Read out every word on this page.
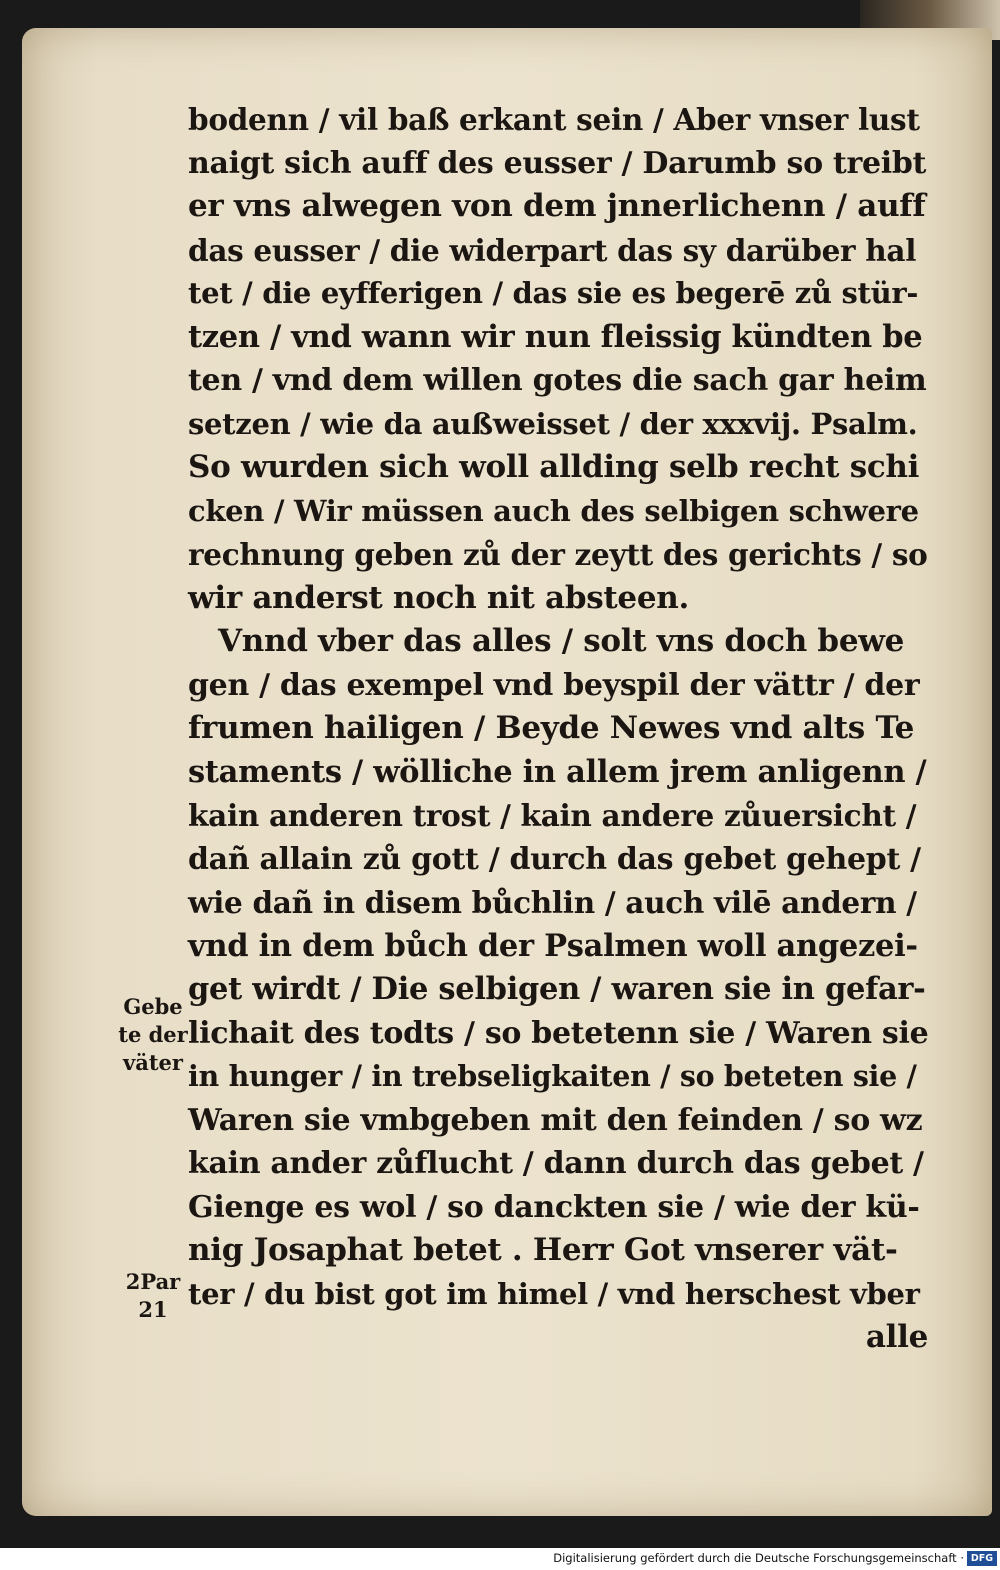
bodenn / vil baß erkant sein / Aber vnser lust
naigt sich auff des eusser / Darumb so treibt
er vns alwegen von dem jnnerlichenn / auff
das eusser / die widerpart das sy darüber hal
tet / die eyfferigen / das sie es begerē zů stür-
tzen / vnd wann wir nun fleissig kündten be
ten / vnd dem willen gotes die sach gar heim
setzen / wie da außweisset / der xxxvij. Psalm.
So wurden sich woll allding selb recht schi
cken / Wir müssen auch des selbigen schwere
rechnung geben zů der zeytt des gerichts / so
wir anderst noch nit absteen.
Vnnd vber das alles / solt vns doch bewe
gen / das exempel vnd beyspil der vättr / der
frumen hailigen / Beyde Newes vnd alts Te
staments / wölliche in allem jrem anligenn /
kain anderen trost / kain andere zůuersicht /
dañ allain zů gott / durch das gebet gehept /
wie dañ in disem bůchlin / auch vilē andern /
vnd in dem bůch der Psalmen woll angezei-
get wirdt / Die selbigen / waren sie in gefar-
lichait des todts / so betetenn sie / Waren sie
in hunger / in trebseligkaiten / so beteten sie /
Waren sie vmbgeben mit den feinden / so wz
kain ander zůflucht / dann durch das gebet /
Gienge es wol / so danckten sie / wie der kü-
nig Josaphat betet . Herr Got vnserer vät-
ter / du bist got im himel / vnd herschest vber
alle
Gebe
te der
väter
2Par
21
Digitalisierung gefördert durch die Deutsche Forschungsgemeinschaft · DFG
